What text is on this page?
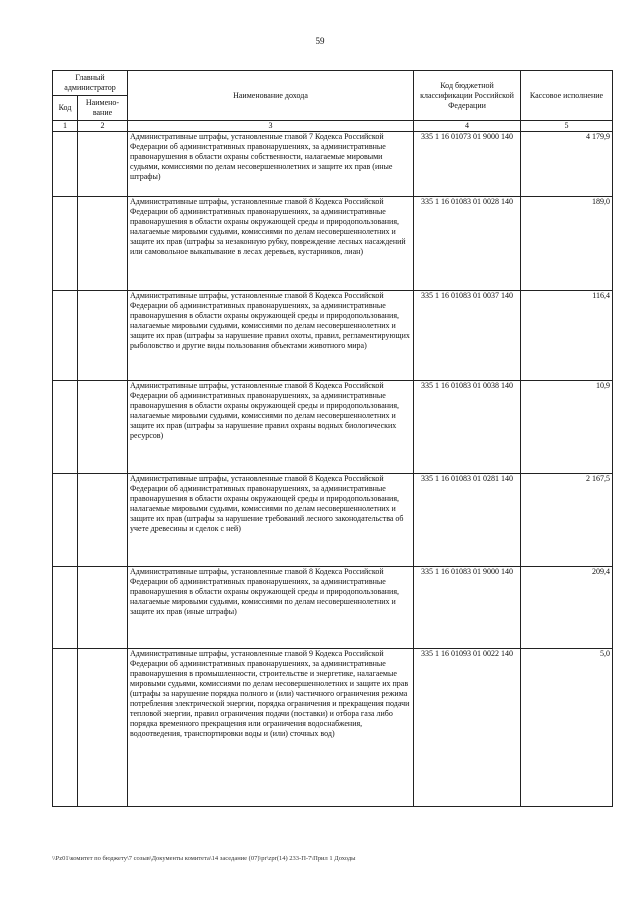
59
Главный администратор		Наименование дохода	Код бюджетной классификации Российской Федерации	Кассовое исполнение
Код	Наимено-вание			
1	2	3	4	5
		Административные штрафы, установленные главой 7 Кодекса Российской Федерации об административных правонарушениях, за административные правонарушения в области охраны собственности, налагаемые мировыми судьями, комиссиями по делам несовершеннолетних и защите их прав (иные штрафы)	335 1 16 01073 01 9000 140	4 179,9
		Административные штрафы, установленные главой 8 Кодекса Российской Федерации об административных правонарушениях, за административные правонарушения в области охраны окружающей среды и природопользования, налагаемые мировыми судьями, комиссиями по делам несовершеннолетних и защите их прав (штрафы за незаконную рубку, повреждение лесных насаждений или самовольное выкапывание в лесах деревьев, кустарников, лиан)	335 1 16 01083 01 0028 140	189,0
		Административные штрафы, установленные главой 8 Кодекса Российской Федерации об административных правонарушениях, за административные правонарушения в области охраны окружающей среды и природопользования, налагаемые мировыми судьями, комиссиями по делам несовершеннолетних и защите их прав (штрафы за нарушение правил охоты, правил, регламентирующих рыболовство и другие виды пользования объектами животного мира)	335 1 16 01083 01 0037 140	116,4
		Административные штрафы, установленные главой 8 Кодекса Российской Федерации об административных правонарушениях, за административные правонарушения в области охраны окружающей среды и природопользования, налагаемые мировыми судьями, комиссиями по делам несовершеннолетних и защите их прав (штрафы за нарушение правил охраны водных биологических ресурсов)	335 1 16 01083 01 0038 140	10,9
		Административные штрафы, установленные главой 8 Кодекса Российской Федерации об административных правонарушениях, за административные правонарушения в области охраны окружающей среды и природопользования, налагаемые мировыми судьями, комиссиями по делам несовершеннолетних и защите их прав (штрафы за нарушение требований лесного законодательства об учете древесины и сделок с ней)	335 1 16 01083 01 0281 140	2 167,5
		Административные штрафы, установленные главой 8 Кодекса Российской Федерации об административных правонарушениях, за административные правонарушения в области охраны окружающей среды и природопользования, налагаемые мировыми судьями, комиссиями по делам несовершеннолетних и защите их прав (иные штрафы)	335 1 16 01083 01 9000 140	209,4
		Административные штрафы, установленные главой 9 Кодекса Российской Федерации об административных правонарушениях, за административные правонарушения в промышленности, строительстве и энергетике, налагаемые мировыми судьями, комиссиями по делам несовершеннолетних и защите их прав (штрафы за нарушение порядка полного и (или) частичного ограничения режима потребления электрической энергии, порядка ограничения и прекращения подачи тепловой энергии, правил ограничения подачи (поставки) и отбора газа либо порядка временного прекращения или ограничения водоснабжения, водоотведения, транспортировки воды и (или) сточных вод)	335 1 16 01093 01 0022 140	5,0
\\Pz01\комитет по бюджету\7 созыв\Документы комитета\14 заседание (07)\pr\zpr(14) 233-П-7\Прил 1 Доходы
